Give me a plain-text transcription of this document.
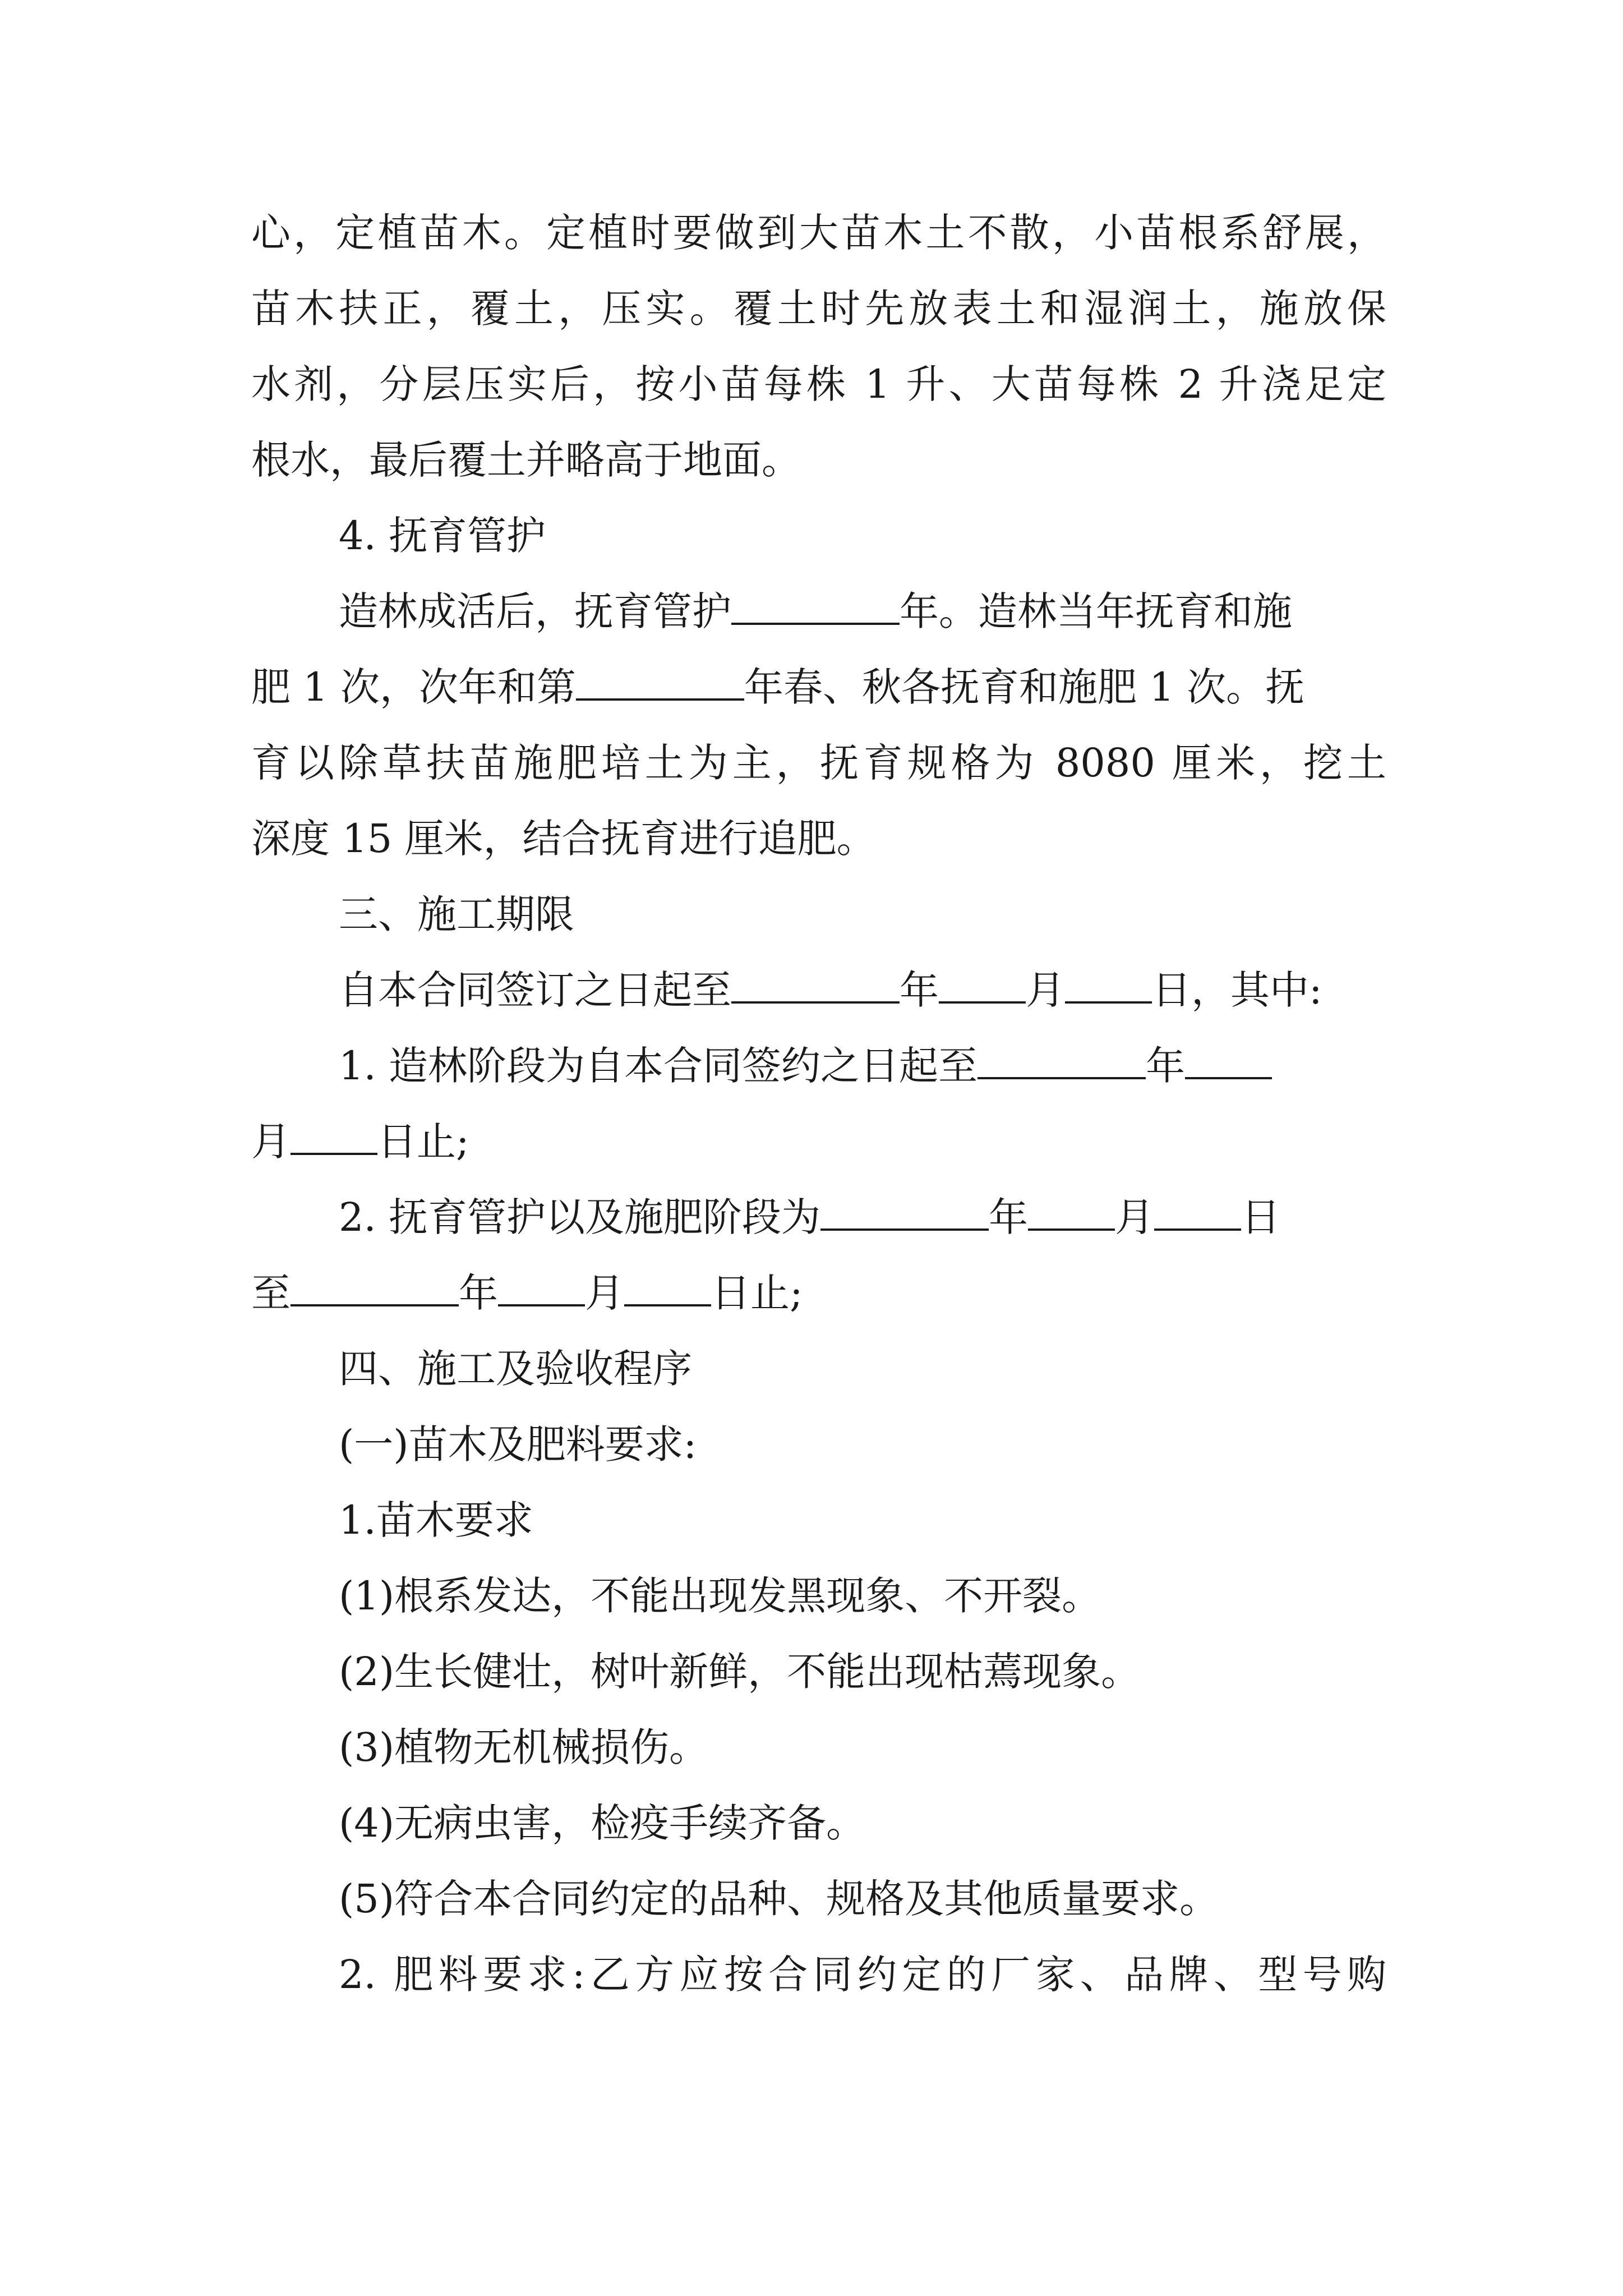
心，定植苗木。定植时要做到大苗木土不散，小苗根系舒展，
苗木扶正，覆土，压实。覆土时先放表土和湿润土，施放保
水剂，分层压实后，按小苗每株 1 升、大苗每株 2 升浇足定
根水，最后覆土并略高于地面。
4. 抚育管护
造林成活后，抚育管护	年。造林当年抚育和施
肥 1 次，次年和第	年春、秋各抚育和施肥 1 次。抚
育以除草扶苗施肥培土为主，抚育规格为 8080 厘米，挖土
深度 15 厘米，结合抚育进行追肥。
三、施工期限
自本合同签订之日起至	年 月 日，其中:
1. 造林阶段为自本合同签约之日起至	年
月 日止;
2. 抚育管护以及施肥阶段为	年 月 日
至	年 月 日止;
四、施工及验收程序
(一)苗木及肥料要求:
1.苗木要求
(1)根系发达，不能出现发黑现象、不开裂。
(2)生长健壮，树叶新鲜，不能出现枯蔫现象。
(3)植物无机械损伤。
(4)无病虫害，检疫手续齐备。
(5)符合本合同约定的品种、规格及其他质量要求。
2. 肥料要求:乙方应按合同约定的厂家、品牌、型号购
